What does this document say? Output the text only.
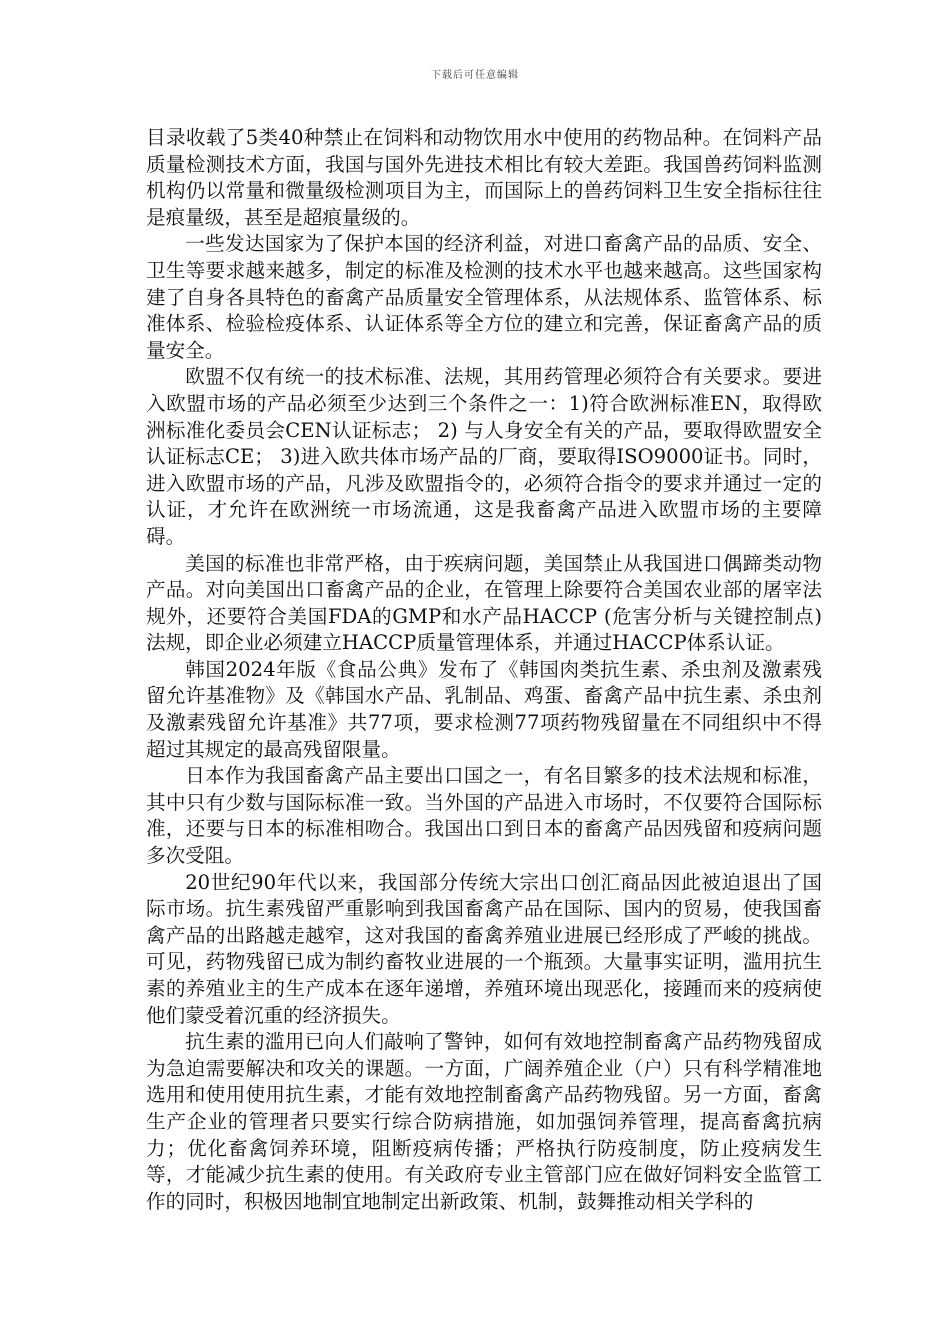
下载后可任意编辑

目录收载了5类40种禁止在饲料和动物饮用水中使用的药物品种。在饲料产品质量检测技术方面，我国与国外先进技术相比有较大差距。我国兽药饲料监测机构仍以常量和微量级检测项目为主，而国际上的兽药饲料卫生安全指标往往是痕量级，甚至是超痕量级的。

一些发达国家为了保护本国的经济利益，对进口畜禽产品的品质、安全、卫生等要求越来越多，制定的标准及检测的技术水平也越来越高。这些国家构建了自身各具特色的畜禽产品质量安全管理体系，从法规体系、监管体系、标准体系、检验检疫体系、认证体系等全方位的建立和完善，保证畜禽产品的质量安全。

欧盟不仅有统一的技术标准、法规，其用药管理必须符合有关要求。要进入欧盟市场的产品必须至少达到三个条件之一：1)符合欧洲标准EN，取得欧洲标准化委员会CEN认证标志； 2) 与人身安全有关的产品，要取得欧盟安全认证标志CE； 3)进入欧共体市场产品的厂商，要取得ISO9000证书。同时，进入欧盟市场的产品，凡涉及欧盟指令的，必须符合指令的要求并通过一定的认证，才允许在欧洲统一市场流通，这是我畜禽产品进入欧盟市场的主要障碍。

美国的标准也非常严格，由于疾病问题，美国禁止从我国进口偶蹄类动物产品。对向美国出口畜禽产品的企业，在管理上除要符合美国农业部的屠宰法规外，还要符合美国FDA的GMP和水产品HACCP (危害分析与关键控制点)法规，即企业必须建立HACCP质量管理体系，并通过HACCP体系认证。

韩国2024年版《食品公典》发布了《韩国肉类抗生素、杀虫剂及激素残留允许基准物》及《韩国水产品、乳制品、鸡蛋、畜禽产品中抗生素、杀虫剂及激素残留允许基准》共77项，要求检测77项药物残留量在不同组织中不得超过其规定的最高残留限量。

日本作为我国畜禽产品主要出口国之一，有名目繁多的技术法规和标准，其中只有少数与国际标准一致。当外国的产品进入市场时，不仅要符合国际标准，还要与日本的标准相吻合。我国出口到日本的畜禽产品因残留和疫病问题多次受阻。

20世纪90年代以来，我国部分传统大宗出口创汇商品因此被迫退出了国际市场。抗生素残留严重影响到我国畜禽产品在国际、国内的贸易，使我国畜禽产品的出路越走越窄，这对我国的畜禽养殖业进展已经形成了严峻的挑战。可见，药物残留已成为制约畜牧业进展的一个瓶颈。大量事实证明，滥用抗生素的养殖业主的生产成本在逐年递增，养殖环境出现恶化，接踵而来的疫病使他们蒙受着沉重的经济损失。

抗生素的滥用已向人们敲响了警钟，如何有效地控制畜禽产品药物残留成为急迫需要解决和攻关的课题。一方面，广阔养殖企业（户）只有科学精准地选用和使用使用抗生素，才能有效地控制畜禽产品药物残留。另一方面，畜禽生产企业的管理者只要实行综合防病措施，如加强饲养管理，提高畜禽抗病力；优化畜禽饲养环境，阻断疫病传播；严格执行防疫制度，防止疫病发生等，才能减少抗生素的使用。有关政府专业主管部门应在做好饲料安全监管工作的同时，积极因地制宜地制定出新政策、机制，鼓舞推动相关学科的
